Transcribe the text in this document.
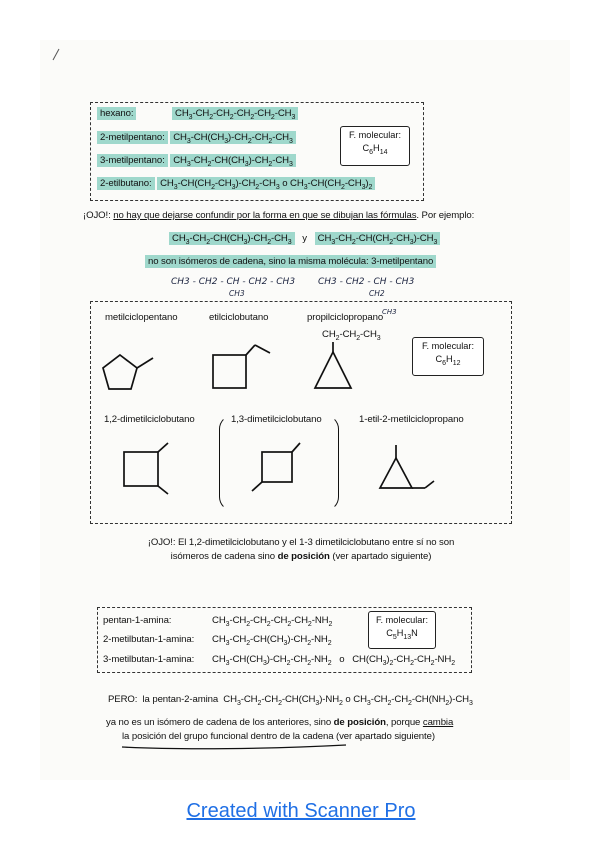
hexano:	$CH_3-CH_2-CH_2-CH_2-CH_2-CH_3$
2-metilpentano: $CH_3-CH(CH_3)-CH_2-CH_2-CH_3$
3-metilpentano: $CH_3-CH_2-CH(CH_3)-CH_2-CH_3$
2-etilbutano: $CH_3-CH(CH_2-CH_3)-CH_2-CH_3$ o $CH_3-CH(CH_2-CH_3)_2$
F. molecular:
$C_6H_{14}$
¡OJO!: no hay que dejarse confundir por la forma en que se dibujan las fórmulas. Por ejemplo:
$CH_3-CH_2-CH(CH_3)-CH_2-CH_3$ y $CH_3-CH_2-CH(CH_2-CH_3)-CH_3$
no son isómeros de cadena, sino la misma molécula: 3-metilpentano
CH3 - CH2 - CH - CH2 - CH3
CH3
CH3 - CH2 - CH - CH3
CH2
CH3
metilciclopentano	etilciclobutano	propilciclopropano
$CH_2-CH_2-CH_3$
F. molecular:
$C_6H_{12}$
1,2-dimetilciclobutano	1,3-dimetilciclobutano	1-etil-2-metilciclopropano
¡OJO!: El 1,2-dimetilciclobutano y el 1-3 dimetilciclobutano entre sí no son
isómeros de cadena sino de posición (ver apartado siguiente)
pentan-1-amina:	$CH_3-CH_2-CH_2-CH_2-CH_2-NH_2$
2-metilbutan-1-amina: $CH_3-CH_2-CH(CH_3)-CH_2-NH_2$
3-metilbutan-1-amina: $CH_3-CH(CH_3)-CH_2-CH_2-NH_2$ o   $CH(CH_3)_2-CH_2-CH_2-NH_2$
F. molecular:
$C_5H_{13}N$
PERO: la pentan-2-amina $CH_3-CH_2-CH_2-CH(CH_3)-NH_2$ o $CH_3-CH_2-CH_2-CH(NH_2)-CH_3$
ya no es un isómero de cadena de los anteriores, sino de posición, porque cambia
la posición del grupo funcional dentro de la cadena (ver apartado siguiente)
Created with Scanner Pro
